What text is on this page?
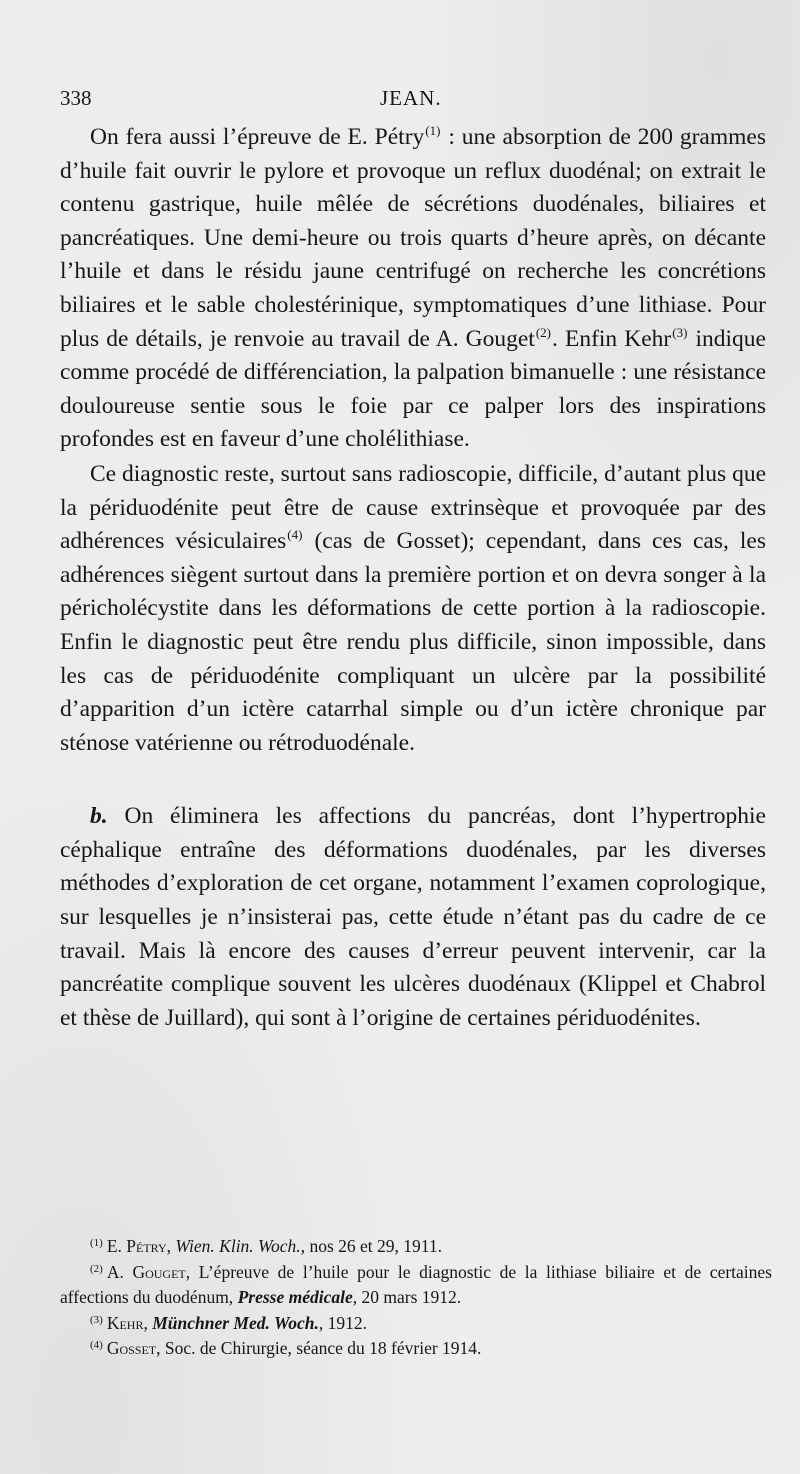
338	JEAN.

On fera aussi l’épreuve de E. Pétry$^{(1)}$ : une absorption de 200 grammes d’huile fait ouvrir le pylore et provoque un reflux duodénal; on extrait le contenu gastrique, huile mêlée de sécrétions duodénales, biliaires et pancréatiques. Une demi-heure ou trois quarts d’heure après, on décante l’huile et dans le résidu jaune centrifugé on recherche les concrétions biliaires et le sable cholestérinique, symptomatiques d’une lithiase. Pour plus de détails, je renvoie au travail de A. Gouget$^{(2)}$. Enfin Kehr$^{(3)}$ indique comme procédé de différenciation, la palpation bimanuelle : une résistance douloureuse sentie sous le foie par ce palper lors des inspirations profondes est en faveur d’une cholélithiase.

Ce diagnostic reste, surtout sans radioscopie, difficile, d’autant plus que la périduodénite peut être de cause extrinsèque et provoquée par des adhérences vésiculaires$^{(4)}$ (cas de Gosset); cependant, dans ces cas, les adhérences siègent surtout dans la première portion et on devra songer à la péricholécystite dans les déformations de cette portion à la radioscopie. Enfin le diagnostic peut être rendu plus difficile, sinon impossible, dans les cas de périduodénite compliquant un ulcère par la possibilité d’apparition d’un ictère catarrhal simple ou d’un ictère chronique par sténose vatérienne ou rétroduodénale.

b. On éliminera les affections du pancréas, dont l’hypertrophie céphalique entraîne des déformations duodénales, par les diverses méthodes d’exploration de cet organe, notamment l’examen coprologique, sur lesquelles je n’insisterai pas, cette étude n’étant pas du cadre de ce travail. Mais là encore des causes d’erreur peuvent intervenir, car la pancréatite complique souvent les ulcères duodénaux (Klippel et Chabrol et thèse de Juillard), qui sont à l’origine de certaines périduodénites.

$^{(1)}$ E. Pétry, Wien. Klin. Woch., nos 26 et 29, 1911.

$^{(2)}$ A. Gouget, L’épreuve de l’huile pour le diagnostic de la lithiase biliaire et de certaines affections du duodénum, Presse médicale, 20 mars 1912.

$^{(3)}$ Kehr, Münchner Med. Woch., 1912.

$^{(4)}$ Gosset, Soc. de Chirurgie, séance du 18 février 1914.
